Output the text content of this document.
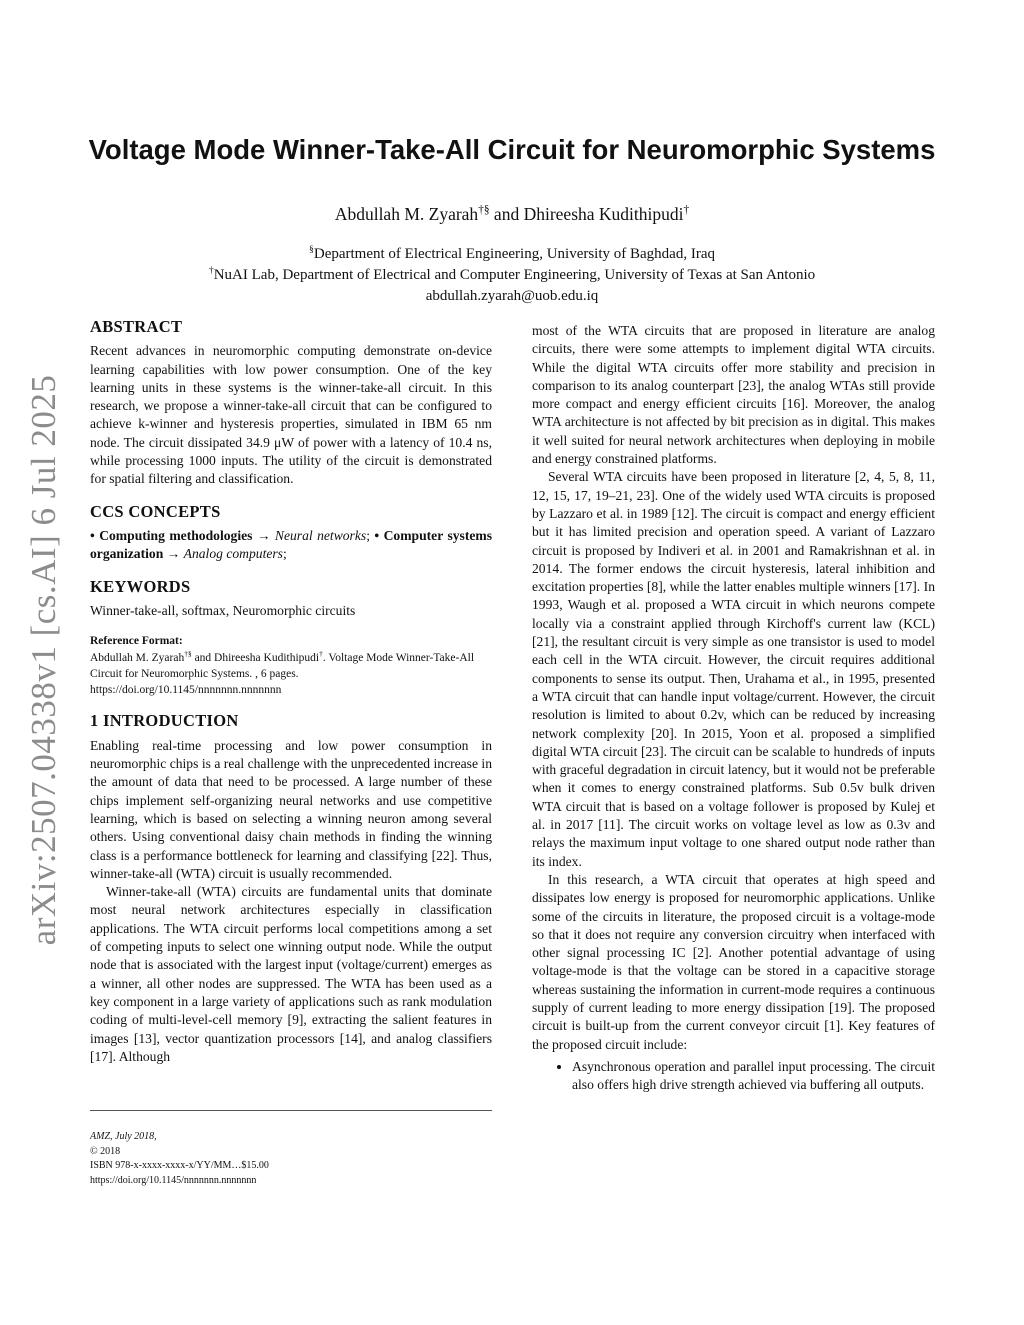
arXiv:2507.04338v1 [cs.AI] 6 Jul 2025
Voltage Mode Winner-Take-All Circuit for Neuromorphic Systems
Abdullah M. Zyarah†§ and Dhireesha Kudithipudi†
§Department of Electrical Engineering, University of Baghdad, Iraq
†NuAI Lab, Department of Electrical and Computer Engineering, University of Texas at San Antonio
abdullah.zyarah@uob.edu.iq
ABSTRACT

Recent advances in neuromorphic computing demonstrate on-device learning capabilities with low power consumption. One of the key learning units in these systems is the winner-take-all circuit. In this research, we propose a winner-take-all circuit that can be configured to achieve k-winner and hysteresis properties, simulated in IBM 65 nm node. The circuit dissipated 34.9 μW of power with a latency of 10.4 ns, while processing 1000 inputs. The utility of the circuit is demonstrated for spatial filtering and classification.

CCS CONCEPTS

• Computing methodologies → Neural networks; • Computer systems organization → Analog computers;

KEYWORDS

Winner-take-all, softmax, Neuromorphic circuits

Reference Format:
Abdullah M. Zyarah†§ and Dhireesha Kudithipudi†. Voltage Mode Winner-Take-All Circuit for Neuromorphic Systems. , 6 pages. https://doi.org/10.1145/nnnnnnn.nnnnnnn
1 INTRODUCTION

Enabling real-time processing and low power consumption in neuromorphic chips is a real challenge with the unprecedented increase in the amount of data that need to be processed. A large number of these chips implement self-organizing neural networks and use competitive learning, which is based on selecting a winning neuron among several others. Using conventional daisy chain methods in finding the winning class is a performance bottleneck for learning and classifying [22]. Thus, winner-take-all (WTA) circuit is usually recommended.

Winner-take-all (WTA) circuits are fundamental units that dominate most neural network architectures especially in classification applications. The WTA circuit performs local competitions among a set of competing inputs to select one winning output node. While the output node that is associated with the largest input (voltage/current) emerges as a winner, all other nodes are suppressed. The WTA has been used as a key component in a large variety of applications such as rank modulation coding of multi-level-cell memory [9], extracting the salient features in images [13], vector quantization processors [14], and analog classifiers [17]. Although

AMZ, July 2018,
© 2018
ISBN 978-x-xxxx-xxxx-x/YY/MM…$15.00
https://doi.org/10.1145/nnnnnnn.nnnnnnn

most of the WTA circuits that are proposed in literature are analog circuits, there were some attempts to implement digital WTA circuits. While the digital WTA circuits offer more stability and precision in comparison to its analog counterpart [23], the analog WTAs still provide more compact and energy efficient circuits [16]. Moreover, the analog WTA architecture is not affected by bit precision as in digital. This makes it well suited for neural network architectures when deploying in mobile and energy constrained platforms.

Several WTA circuits have been proposed in literature [2, 4, 5, 8, 11, 12, 15, 17, 19–21, 23]. One of the widely used WTA circuits is proposed by Lazzaro et al. in 1989 [12]. The circuit is compact and energy efficient but it has limited precision and operation speed. A variant of Lazzaro circuit is proposed by Indiveri et al. in 2001 and Ramakrishnan et al. in 2014. The former endows the circuit hysteresis, lateral inhibition and excitation properties [8], while the latter enables multiple winners [17]. In 1993, Waugh et al. proposed a WTA circuit in which neurons compete locally via a constraint applied through Kirchoff's current law (KCL) [21], the resultant circuit is very simple as one transistor is used to model each cell in the WTA circuit. However, the circuit requires additional components to sense its output. Then, Urahama et al., in 1995, presented a WTA circuit that can handle input voltage/current. However, the circuit resolution is limited to about 0.2v, which can be reduced by increasing network complexity [20]. In 2015, Yoon et al. proposed a simplified digital WTA circuit [23]. The circuit can be scalable to hundreds of inputs with graceful degradation in circuit latency, but it would not be preferable when it comes to energy constrained platforms. Sub 0.5v bulk driven WTA circuit that is based on a voltage follower is proposed by Kulej et al. in 2017 [11]. The circuit works on voltage level as low as 0.3v and relays the maximum input voltage to one shared output node rather than its index.

In this research, a WTA circuit that operates at high speed and dissipates low energy is proposed for neuromorphic applications. Unlike some of the circuits in literature, the proposed circuit is a voltage-mode so that it does not require any conversion circuitry when interfaced with other signal processing IC [2]. Another potential advantage of using voltage-mode is that the voltage can be stored in a capacitive storage whereas sustaining the information in current-mode requires a continuous supply of current leading to more energy dissipation [19]. The proposed circuit is built-up from the current conveyor circuit [1]. Key features of the proposed circuit include:

• Asynchronous operation and parallel input processing. The circuit also offers high drive strength achieved via buffering all outputs.
